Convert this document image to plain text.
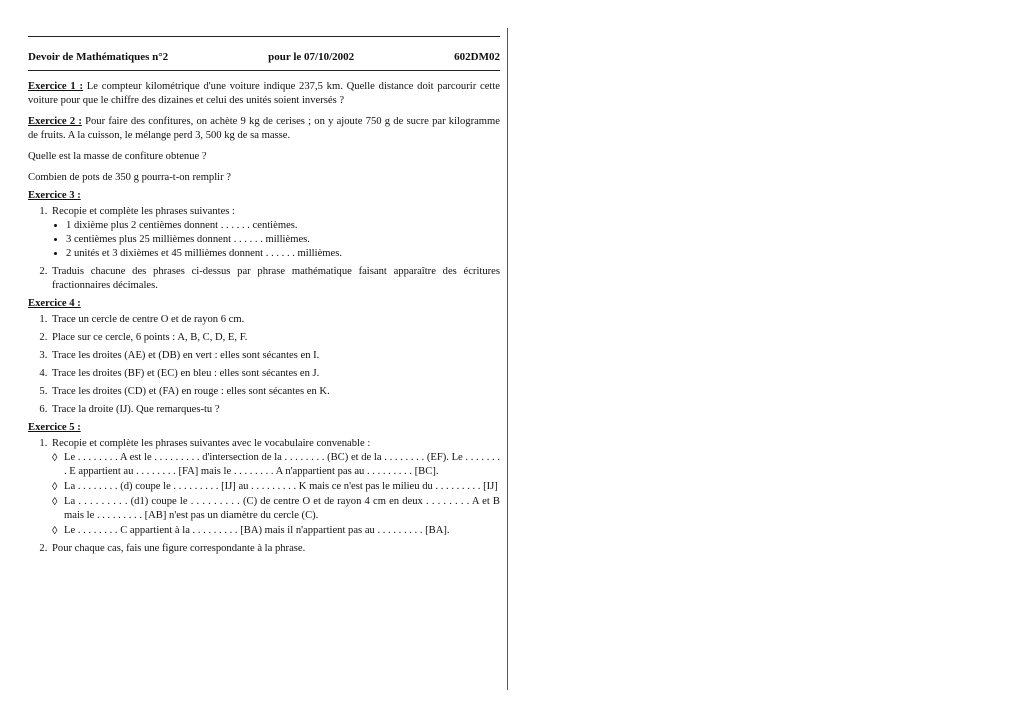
Devoir de Mathématiques n°2	pour le 07/10/2002	602DM02
Exercice 1 : Le compteur kilométrique d'une voiture indique 237,5 km. Quelle distance doit parcourir cette voiture pour que le chiffre des dizaines et celui des unités soient inversés ?
Exercice 2 : Pour faire des confitures, on achète 9 kg de cerises ; on y ajoute 750 g de sucre par kilogramme de fruits. A la cuisson, le mélange perd 3, 500 kg de sa masse.
Quelle est la masse de confiture obtenue ?
Combien de pots de 350 g pourra-t-on remplir ?
Exercice 3 :
1. Recopie et complète les phrases suivantes :
• 1 dixième plus 2 centièmes donnent . . . . . . centièmes.
• 3 centièmes plus 25 millièmes donnent . . . . . . millièmes.
• 2 unités et 3 dixièmes et 45 millièmes donnent . . . . . . millièmes.
2. Traduis chacune des phrases ci-dessus par phrase mathématique faisant apparaître des écritures fractionnaires décimales.
Exercice 4 :
1. Trace un cercle de centre O et de rayon 6 cm.
2. Place sur ce cercle, 6 points : A, B, C, D, E, F.
3. Trace les droites (AE) et (DB) en vert : elles sont sécantes en I.
4. Trace les droites (BF) et (EC) en bleu : elles sont sécantes en J.
5. Trace les droites (CD) et (FA) en rouge : elles sont sécantes en K.
6. Trace la droite (IJ). Que remarques-tu ?
Exercice 5 :
1. Recopie et complète les phrases suivantes avec le vocabulaire convenable :
◊ Le . . . . . . . . A est le . . . . . . . . . d'intersection de la . . . . . . . . (BC) et de la . . . . . . . . (EF). Le . . . . . . . . E appartient au . . . . . . . . [FA] mais le . . . . . . . . A n'appartient pas au . . . . . . . . . [BC].
◊ La . . . . . . . . (d) coupe le . . . . . . . . . [IJ] au . . . . . . . . . K mais ce n'est pas le milieu du . . . . . . . . . [IJ]
◊ La . . . . . . . . . (d1) coupe le . . . . . . . . . (C) de centre O et de rayon 4 cm en deux . . . . . . . . A et B mais le . . . . . . . . . [AB] n'est pas un diamètre du cercle (C).
◊ Le . . . . . . . . C appartient à la . . . . . . . . . [BA) mais il n'appartient pas au . . . . . . . . . [BA].
2. Pour chaque cas, fais une figure correspondante à la phrase.
